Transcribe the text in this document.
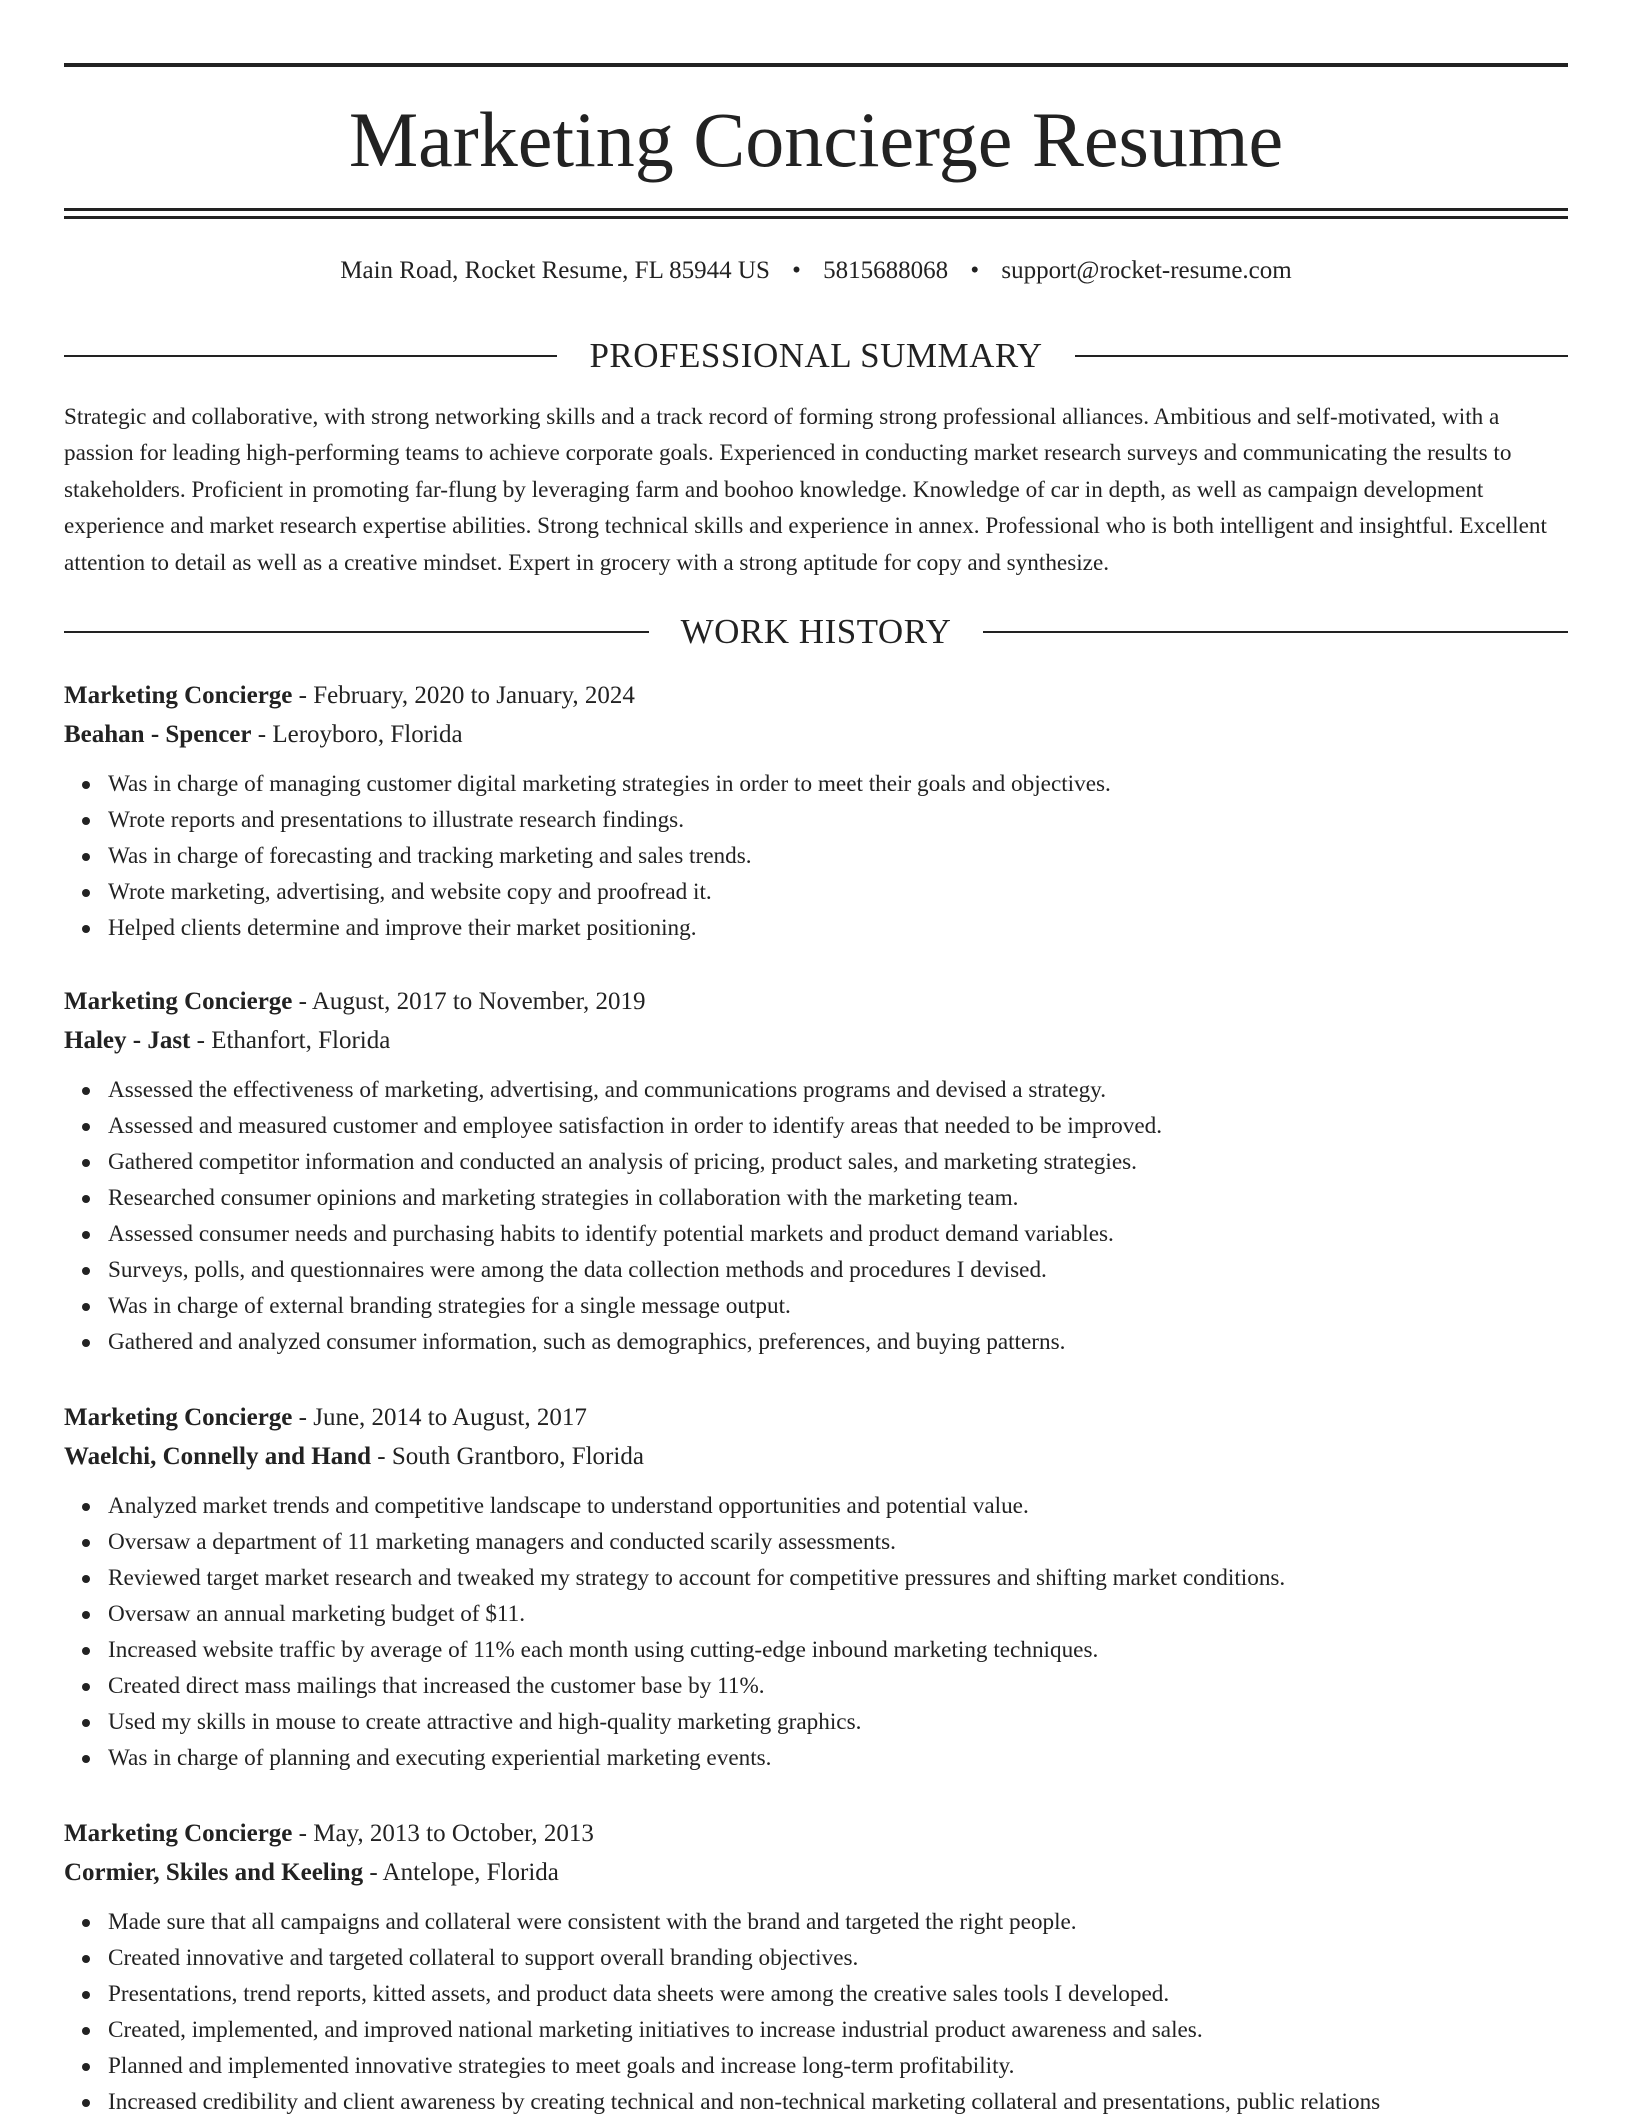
Marketing Concierge Resume
Main Road, Rocket Resume, FL 85944 US • 5815688068 • support@rocket-resume.com
PROFESSIONAL SUMMARY

Strategic and collaborative, with strong networking skills and a track record of forming strong professional alliances. Ambitious and self-motivated, with a passion for leading high-performing teams to achieve corporate goals. Experienced in conducting market research surveys and communicating the results to stakeholders. Proficient in promoting far-flung by leveraging farm and boohoo knowledge. Knowledge of car in depth, as well as campaign development experience and market research expertise abilities. Strong technical skills and experience in annex. Professional who is both intelligent and insightful. Excellent attention to detail as well as a creative mindset. Expert in grocery with a strong aptitude for copy and synthesize.

WORK HISTORY

Marketing Concierge - February, 2020 to January, 2024

Beahan - Spencer - Leroyboro, Florida

Was in charge of managing customer digital marketing strategies in order to meet their goals and objectives.
Wrote reports and presentations to illustrate research findings.
Was in charge of forecasting and tracking marketing and sales trends.
Wrote marketing, advertising, and website copy and proofread it.
Helped clients determine and improve their market positioning.

Marketing Concierge - August, 2017 to November, 2019

Haley - Jast - Ethanfort, Florida

Assessed the effectiveness of marketing, advertising, and communications programs and devised a strategy.
Assessed and measured customer and employee satisfaction in order to identify areas that needed to be improved.
Gathered competitor information and conducted an analysis of pricing, product sales, and marketing strategies.
Researched consumer opinions and marketing strategies in collaboration with the marketing team.
Assessed consumer needs and purchasing habits to identify potential markets and product demand variables.
Surveys, polls, and questionnaires were among the data collection methods and procedures I devised.
Was in charge of external branding strategies for a single message output.
Gathered and analyzed consumer information, such as demographics, preferences, and buying patterns.

Marketing Concierge - June, 2014 to August, 2017

Waelchi, Connelly and Hand - South Grantboro, Florida

Analyzed market trends and competitive landscape to understand opportunities and potential value.
Oversaw a department of 11 marketing managers and conducted scarily assessments.
Reviewed target market research and tweaked my strategy to account for competitive pressures and shifting market conditions.
Oversaw an annual marketing budget of $11.
Increased website traffic by average of 11% each month using cutting-edge inbound marketing techniques.
Created direct mass mailings that increased the customer base by 11%.
Used my skills in mouse to create attractive and high-quality marketing graphics.
Was in charge of planning and executing experiential marketing events.

Marketing Concierge - May, 2013 to October, 2013

Cormier, Skiles and Keeling - Antelope, Florida

Made sure that all campaigns and collateral were consistent with the brand and targeted the right people.
Created innovative and targeted collateral to support overall branding objectives.
Presentations, trend reports, kitted assets, and product data sheets were among the creative sales tools I developed.
Created, implemented, and improved national marketing initiatives to increase industrial product awareness and sales.
Planned and implemented innovative strategies to meet goals and increase long-term profitability.
Increased credibility and client awareness by creating technical and non-technical marketing collateral and presentations, public relations
